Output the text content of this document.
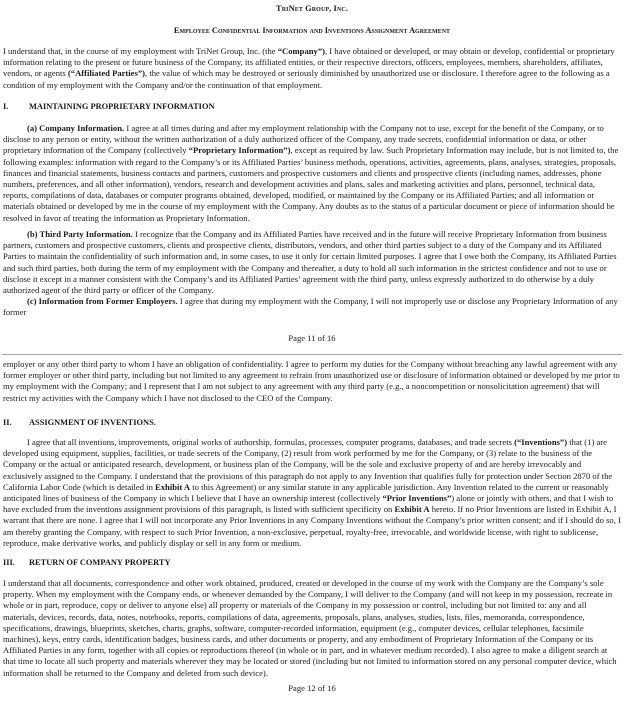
TriNet Group, Inc.
Employee Confidential Information and Inventions Assignment Agreement

I understand that, in the course of my employment with TriNet Group, Inc. (the “Company”), I have obtained or developed, or may obtain or develop, confidential or proprietary information relating to the present or future business of the Company, its affiliated entities, or their respective directors, officers, employees, members, shareholders, affiliates, vendors, or agents (“Affiliated Parties”), the value of which may be destroyed or seriously diminished by unauthorized use or disclosure. I therefore agree to the following as a condition of my employment with the Company and/or the continuation of that employment.

I. MAINTAINING PROPRIETARY INFORMATION

(a) Company Information. I agree at all times during and after my employment relationship with the Company not to use, except for the benefit of the Company, or to disclose to any person or entity, without the written authorization of a duly authorized officer of the Company, any trade secrets, confidential information or data, or other proprietary information of the Company (collectively “Proprietary Information”), except as required by law. Such Proprietary Information may include, but is not limited to, the following examples: information with regard to the Company’s or its Affiliated Parties’ business methods, operations, activities, agreements, plans, analyses, strategies, proposals, finances and financial statements, business contacts and partners, customers and prospective customers and clients and prospective clients (including names, addresses, phone numbers, preferences, and all other information), vendors, research and development activities and plans, sales and marketing activities and plans, personnel, technical data, reports, compilations of data, databases or computer programs obtained, developed, modified, or maintained by the Company or its Affiliated Parties; and all information or materials obtained or developed by me in the course of my employment with the Company. Any doubts as to the status of a particular document or piece of information should be resolved in favor of treating the information as Proprietary Information.

(b) Third Party Information. I recognize that the Company and its Affiliated Parties have received and in the future will receive Proprietary Information from business partners, customers and prospective customers, clients and prospective clients, distributors, vendors, and other third parties subject to a duty of the Company and its Affiliated Parties to maintain the confidentiality of such information and, in some cases, to use it only for certain limited purposes. I agree that I owe both the Company, its Affiliated Parties and such third parties, both during the term of my employment with the Company and thereafter, a duty to hold all such information in the strictest confidence and not to use or disclose it except in a manner consistent with the Company’s and its Affiliated Parties’ agreement with the third party, unless expressly authorized to do otherwise by a duly authorized agent of the third party or officer of the Company.

(c) Information from Former Employers. I agree that during my employment with the Company, I will not improperly use or disclose any Proprietary Information of any former

Page 11 of 16

employer or any other third party to whom I have an obligation of confidentiality. I agree to perform my duties for the Company without breaching any lawful agreement with any former employer or other third party, including but not limited to any agreement to refrain from unauthorized use or disclosure of information obtained or developed by me prior to my employment with the Company; and I represent that I am not subject to any agreement with any third party (e.g., a noncompetition or nonsolicitation agreement) that will restrict my activities with the Company which I have not disclosed to the CEO of the Company.

II. ASSIGNMENT OF INVENTIONS.

I agree that all inventions, improvements, original works of authorship, formulas, processes, computer programs, databases, and trade secrets (“Inventions”) that (1) are developed using equipment, supplies, facilities, or trade secrets of the Company, (2) result from work performed by me for the Company, or (3) relate to the business of the Company or the actual or anticipated research, development, or business plan of the Company, will be the sole and exclusive property of and are hereby irrevocably and exclusively assigned to the Company. I understand that the provisions of this paragraph do not apply to any Invention that qualifies fully for protection under Section 2870 of the California Labor Code (which is detailed in Exhibit A to this Agreement) or any similar statute in any applicable jurisdiction. Any Invention related to the current or reasonably anticipated lines of business of the Company in which I believe that I have an ownership interest (collectively “Prior Inventions”) alone or jointly with others, and that I wish to have excluded from the inventions assignment provisions of this paragraph, is listed with sufficient specificity on Exhibit A hereto. If no Prior Inventions are listed in Exhibit A, I warrant that there are none. I agree that I will not incorporate any Prior Inventions in any Company Inventions without the Company’s prior written consent; and if I should do so, I am thereby granting the Company, with respect to such Prior Invention, a non-exclusive, perpetual, royalty-free, irrevocable, and worldwide license, with right to sublicense, reproduce, make derivative works, and publicly display or sell in any form or medium.

III. RETURN OF COMPANY PROPERTY

I understand that all documents, correspondence and other work obtained, produced, created or developed in the course of my work with the Company are the Company’s sole property. When my employment with the Company ends, or whenever demanded by the Company, I will deliver to the Company (and will not keep in my possession, recreate in whole or in part, reproduce, copy or deliver to anyone else) all property or materials of the Company in my possession or control, including but not limited to: any and all materials, devices, records, data, notes, notebooks, reports, compilations of data, agreements, proposals, plans, analyses, studies, lists, files, memoranda, correspondence, specifications, drawings, blueprints, sketches, charts, graphs, software, computer-recorded information, equipment (e.g., computer devices, cellular telephones, facsimile machines), keys, entry cards, identification badges, business cards, and other documents or property, and any embodiment of Proprietary Information of the Company or its Affiliated Parties in any form, together with all copies or reproductions thereof (in whole or in part, and in whatever medium recorded). I also agree to make a diligent search at that time to locate all such property and materials wherever they may be located or stored (including but not limited to information stored on any personal computer device, which information shall be returned to the Company and deleted from such device).

Page 12 of 16
